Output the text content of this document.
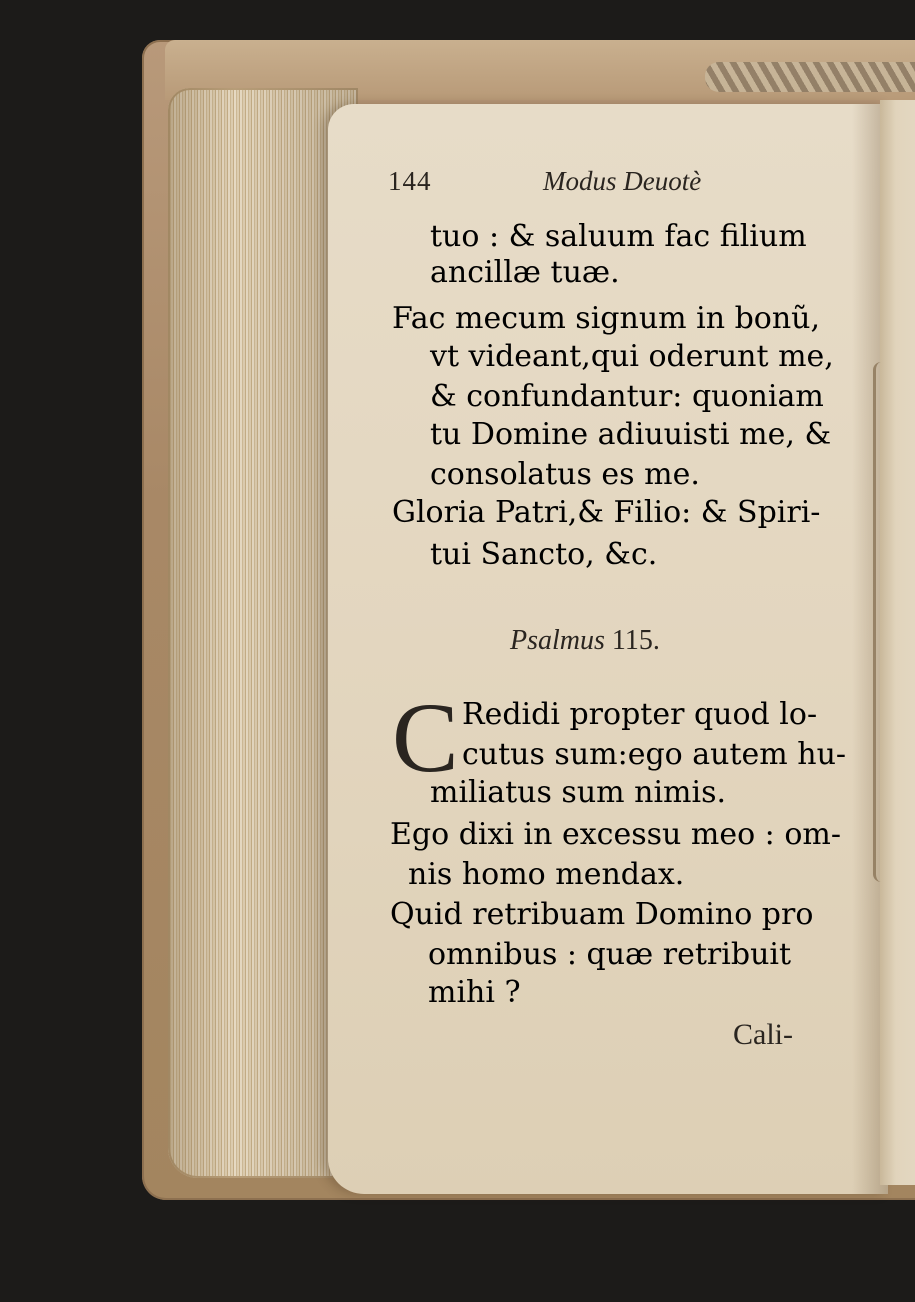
144	Modus Deuotè
tuo : & saluum fac filium
ancillæ tuæ.
Fac mecum signum in bonũ,
vt videant,qui oderunt me,
& confundantur: quoniam
tu Domine adiuuisti me, &
consolatus es me.
Gloria Patri,& Filio: & Spiri-
tui Sancto, &c.
Psalmus 115.
C Redidi propter quod lo-
cutus sum:ego autem hu-
miliatus sum nimis.
Ego dixi in excessu meo : om-
nis homo mendax.
Quid retribuam Domino pro
omnibus : quæ retribuit
mihi ?
Cali-
